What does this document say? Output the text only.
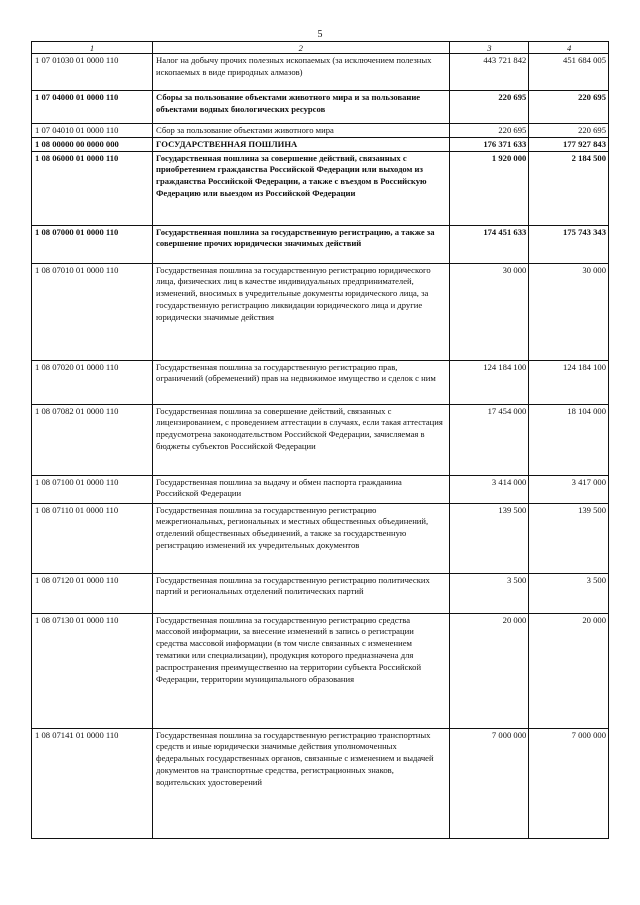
5
1	2	3	4
1 07 01030 01 0000 110	Налог на добычу прочих полезных ископаемых (за исключением полезных ископаемых в виде природных алмазов)	443 721 842	451 684 005
1 07 04000 01 0000 110	Сборы за пользование объектами животного мира и за пользование объектами водных биологических ресурсов	220 695	220 695
1 07 04010 01 0000 110	Сбор за пользование объектами животного мира	220 695	220 695
1 08 00000 00 0000 000	ГОСУДАРСТВЕННАЯ ПОШЛИНА	176 371 633	177 927 843
1 08 06000 01 0000 110	Государственная пошлина за совершение действий, связанных с приобретением гражданства Российской Федерации или выходом из гражданства Российской Федерации, а также с въездом в Российскую Федерацию или выездом из Российской Федерации	1 920 000	2 184 500
1 08 07000 01 0000 110	Государственная пошлина за государственную регистрацию, а также за совершение прочих юридически значимых действий	174 451 633	175 743 343
1 08 07010 01 0000 110	Государственная пошлина за государственную регистрацию юридического лица, физических лиц в качестве индивидуальных предпринимателей, изменений, вносимых в учредительные документы юридического лица, за государственную регистрацию ликвидации юридического лица и другие юридически значимые действия	30 000	30 000
1 08 07020 01 0000 110	Государственная пошлина за государственную регистрацию прав, ограничений (обременений) прав на недвижимое имущество и сделок с ним	124 184 100	124 184 100
1 08 07082 01 0000 110	Государственная пошлина за совершение действий, связанных с лицензированием, с проведением аттестации в случаях, если такая аттестация предусмотрена законодательством Российской Федерации, зачисляемая в бюджеты субъектов Российской Федерации	17 454 000	18 104 000
1 08 07100 01 0000 110	Государственная пошлина за выдачу и обмен паспорта гражданина Российской Федерации	3 414 000	3 417 000
1 08 07110 01 0000 110	Государственная пошлина за государственную регистрацию межрегиональных, региональных и местных общественных объединений, отделений общественных объединений, а также за государственную регистрацию изменений их учредительных документов	139 500	139 500
1 08 07120 01 0000 110	Государственная пошлина за государственную регистрацию политических партий и региональных отделений политических партий	3 500	3 500
1 08 07130 01 0000 110	Государственная пошлина за государственную регистрацию средства массовой информации, за внесение изменений в запись о регистрации средства массовой информации (в том числе связанных с изменением тематики или специализации), продукция которого предназначена для распространения преимущественно на территории субъекта Российской Федерации, территории муниципального образования	20 000	20 000
1 08 07141 01 0000 110	Государственная пошлина за государственную регистрацию транспортных средств и иные юридически значимые действия уполномоченных федеральных государственных органов, связанные с изменением и выдачей документов на транспортные средства, регистрационных знаков, водительских удостоверений	7 000 000	7 000 000
